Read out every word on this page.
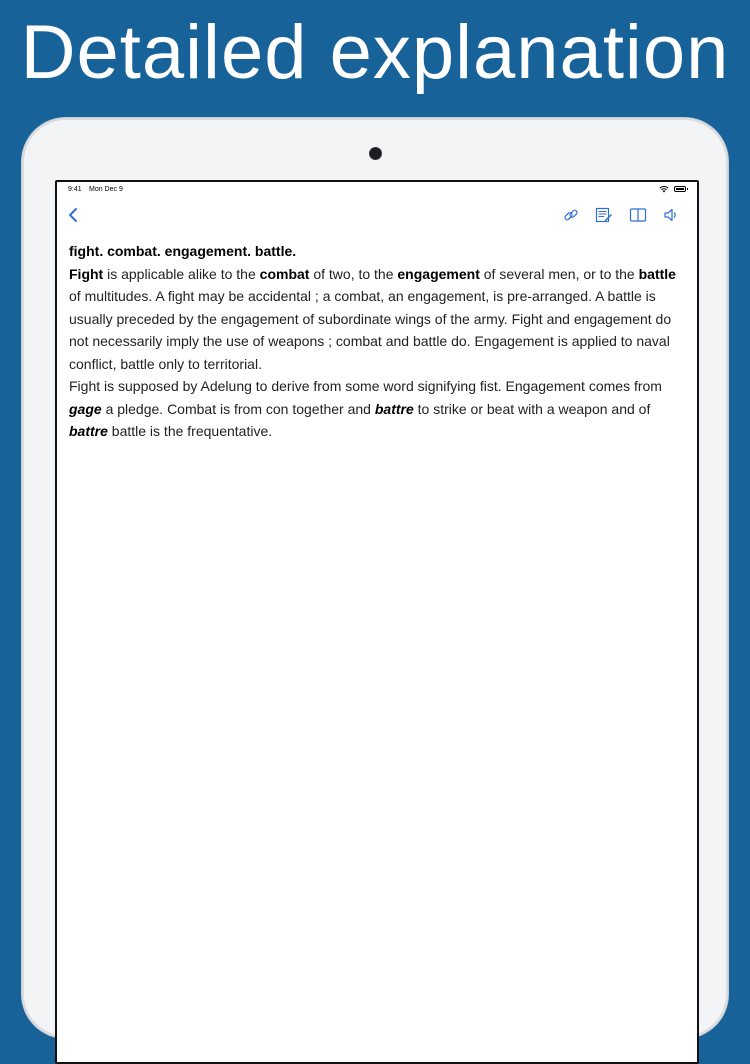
Detailed explanation
9:41 Mon Dec 9

fight. combat. engagement. battle.

Fight is applicable alike to the combat of two, to the engagement of several men, or to the battle of multitudes. A fight may be accidental ; a combat, an engagement, is pre-arranged. A battle is usually preceded by the engagement of subordinate wings of the army. Fight and engagement do not necessarily imply the use of weapons ; combat and battle do. Engagement is applied to naval conflict, battle only to territorial.

Fight is supposed by Adelung to derive from some word signifying fist. Engagement comes from gage a pledge. Combat is from con together and battre to strike or beat with a weapon and of battre battle is the frequentative.
